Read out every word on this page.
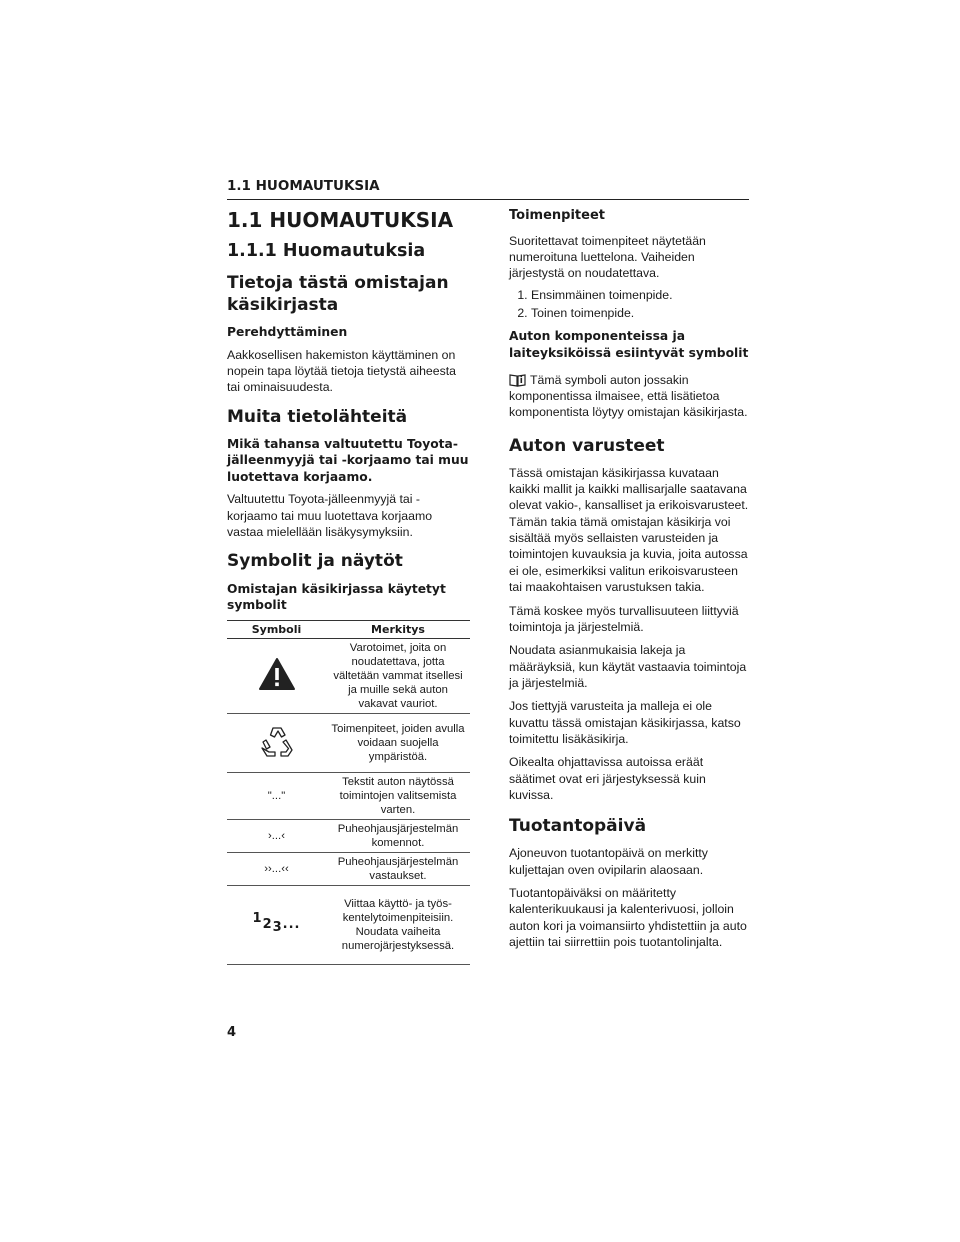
1.1 HUOMAUTUKSIA
1.1 HUOMAUTUKSIA
1.1.1 Huomautuksia
Tietoja tästä omistajan käsikirjasta
Perehdyttäminen

Aakkosellisen hakemiston käyttäminen on nopein tapa löytää tietoja tietystä aiheesta tai ominaisuudesta.

Muita tietolähteitä
Mikä tahansa valtuutettu Toyota-jälleenmyyjä tai -korjaamo tai muu luotettava korjaamo.

Valtuutettu Toyota-jälleenmyyjä tai -korjaamo tai muu luotettava korjaamo vastaa mielellään lisäkysymyksiin.

Symbolit ja näytöt
Omistajan käsikirjassa käytetyt symbolit
Symboli	Merkitys
	Varotoimet, joita on noudatettava, jotta vältetään vammat itsellesi ja muille sekä auton vakavat vauriot.
	Toimenpiteet, joiden avulla voidaan suojella ympäristöä.
"..."	Tekstit auton näytössä toimintojen valitsemista varten.
›...‹	Puheohjausjärjestelmän komennot.
››...‹‹	Puheohjausjärjestelmän vastaukset.
123...	Viittaa käyttö- ja työs-kentelytoimenpiteisiin. Noudata vaiheita numerojärjestyksessä.
Toimenpiteet

Suoritettavat toimenpiteet näytetään numeroituna luettelona. Vaiheiden järjestystä on noudatettava.

1. Ensimmäinen toimenpide.
2. Toinen toimenpide.
Auton komponenteissa ja laiteyksiköissä esiintyvät symbolit

Tämä symboli auton jossakin komponentissa ilmaisee, että lisätietoa komponentista löytyy omistajan käsikirjasta.

Auton varusteet

Tässä omistajan käsikirjassa kuvataan kaikki mallit ja kaikki mallisarjalle saatavana olevat vakio-, kansalliset ja erikoisvarusteet. Tämän takia tämä omistajan käsikirja voi sisältää myös sellaisten varusteiden ja toimintojen kuvauksia ja kuvia, joita autossa ei ole, esimerkiksi valitun erikoisvarusteen tai maakohtaisen varustuksen takia.

Tämä koskee myös turvallisuuteen liittyviä toimintoja ja järjestelmiä.

Noudata asianmukaisia lakeja ja määräyksiä, kun käytät vastaavia toimintoja ja järjestelmiä.

Jos tiettyjä varusteita ja malleja ei ole kuvattu tässä omistajan käsikirjassa, katso toimitettu lisäkäsikirja.

Oikealta ohjattavissa autoissa eräät säätimet ovat eri järjestyksessä kuin kuvissa.

Tuotantopäivä

Ajoneuvon tuotantopäivä on merkitty kuljettajan oven ovipilarin alaosaan.

Tuotantopäiväksi on määritetty kalenterikuukausi ja kalenterivuosi, jolloin auton kori ja voimansiirto yhdistettiin ja auto ajettiin tai siirrettiin pois tuotantolinjalta.

4
